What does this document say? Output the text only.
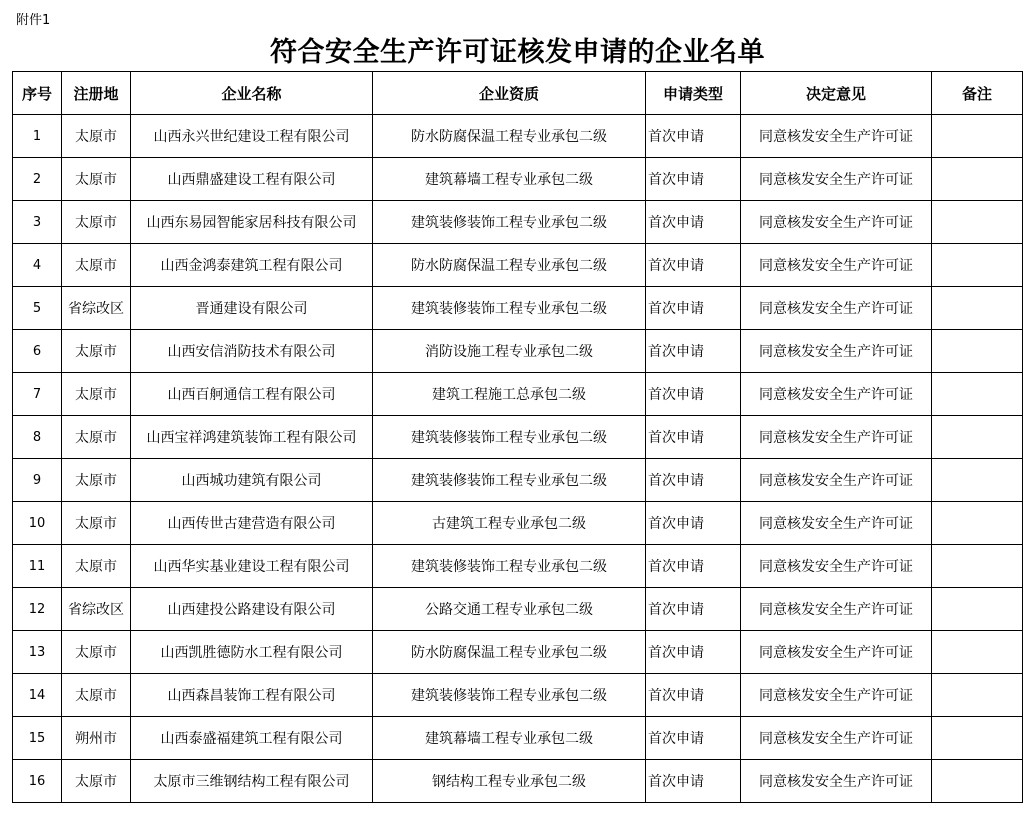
附件1
符合安全生产许可证核发申请的企业名单
序号	注册地	企业名称	企业资质	申请类型	决定意见	备注
1	太原市	山西永兴世纪建设工程有限公司	防水防腐保温工程专业承包二级	首次申请	同意核发安全生产许可证	
2	太原市	山西鼎盛建设工程有限公司	建筑幕墙工程专业承包二级	首次申请	同意核发安全生产许可证	
3	太原市	山西东易园智能家居科技有限公司	建筑装修装饰工程专业承包二级	首次申请	同意核发安全生产许可证	
4	太原市	山西金鸿泰建筑工程有限公司	防水防腐保温工程专业承包二级	首次申请	同意核发安全生产许可证	
5	省综改区	晋通建设有限公司	建筑装修装饰工程专业承包二级	首次申请	同意核发安全生产许可证	
6	太原市	山西安信消防技术有限公司	消防设施工程专业承包二级	首次申请	同意核发安全生产许可证	
7	太原市	山西百舸通信工程有限公司	建筑工程施工总承包二级	首次申请	同意核发安全生产许可证	
8	太原市	山西宝祥鸿建筑装饰工程有限公司	建筑装修装饰工程专业承包二级	首次申请	同意核发安全生产许可证	
9	太原市	山西城功建筑有限公司	建筑装修装饰工程专业承包二级	首次申请	同意核发安全生产许可证	
10	太原市	山西传世古建营造有限公司	古建筑工程专业承包二级	首次申请	同意核发安全生产许可证	
11	太原市	山西华实基业建设工程有限公司	建筑装修装饰工程专业承包二级	首次申请	同意核发安全生产许可证	
12	省综改区	山西建投公路建设有限公司	公路交通工程专业承包二级	首次申请	同意核发安全生产许可证	
13	太原市	山西凯胜德防水工程有限公司	防水防腐保温工程专业承包二级	首次申请	同意核发安全生产许可证	
14	太原市	山西森昌装饰工程有限公司	建筑装修装饰工程专业承包二级	首次申请	同意核发安全生产许可证	
15	朔州市	山西泰盛福建筑工程有限公司	建筑幕墙工程专业承包二级	首次申请	同意核发安全生产许可证	
16	太原市	太原市三维钢结构工程有限公司	钢结构工程专业承包二级	首次申请	同意核发安全生产许可证	
